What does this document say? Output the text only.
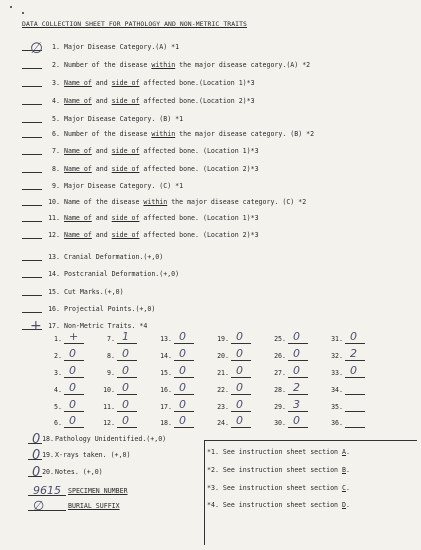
DATA COLLECTION SHEET FOR PATHOLOGY AND NON-METRIC TRAITS
∅	1. Major Disease Category.(A) *1
2. Number of the disease within the major disease category.(A) *2
3. Name of and side of affected bone.(Location 1)*3
4. Name of and side of affected bone.(Location 2)*3
5. Major Disease Category. (B) *1
6. Number of the disease within the major disease category. (B) *2
7. Name of and side of affected bone. (Location 1)*3
8. Name of and side of affected bone. (Location 2)*3
9. Major Disease Category. (C) *1
10. Name of the disease within the major disease category. (C) *2
11. Name of and side of affected bone. (Location 1)*3
12. Name of and side of affected bone. (Location 2)*3
13. Cranial Deformation.(+,0)
14. Postcranial Deformation.(+,0)
15. Cut Marks.(+,0)
16. Projectial Points.(+,0)
+ 17. Non-Metric Traits. *4
1. +
2. 0
3. 0
4. 0
5. 0
6. 0
7. 1
8. 0
9. 0
10. 0
11. 0
12. 0
13. 0
14. 0
15. 0
16. 0
17. 0
18. 0
19. 0
20. 0
21. 0
22. 0
23. 0
24. 0
25. 0
26. 0
27. 0
28. 2
29. 3
30. 0
31. 0
32. 2
33. 0
34.
35.
36.
0 18. Pathology Unidentified.(+,0)
0 19. X-rays taken. (+,0)
0 20. Notes. (+,0)
9615 SPECIMEN NUMBER
∅	BURIAL SUFFIX
*1. See instruction sheet section A.
*2. See instruction sheet section B.
*3. See instruction sheet section C.
*4. See instruction sheet section D.
